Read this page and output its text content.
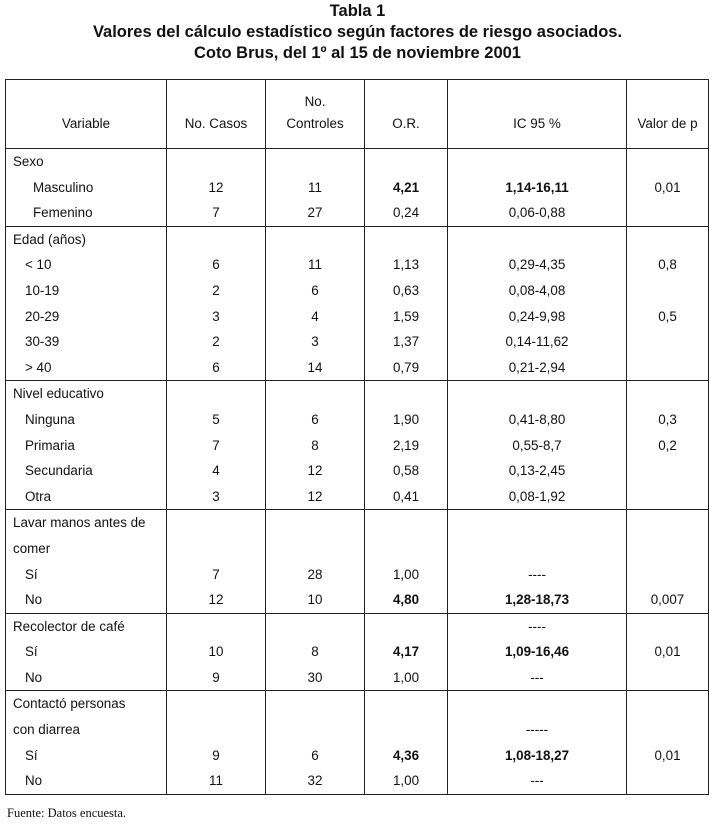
Tabla 1
Valores del cálculo estadístico según factores de riesgo asociados.
Coto Brus, del 1º al 15 de noviembre 2001
		No.			
Variable	No. Casos	Controles	O.R.	IC 95 %	Valor de p
Sexo					
Masculino	12	11	4,21	1,14-16,11	0,01
Femenino	7	27	0,24	0,06-0,88	
Edad (años)					
< 10	6	11	1,13	0,29-4,35	0,8
10-19	2	6	0,63	0,08-4,08	
20-29	3	4	1,59	0,24-9,98	0,5
30-39	2	3	1,37	0,14-11,62	
> 40	6	14	0,79	0,21-2,94	
Nivel educativo					
Ninguna	5	6	1,90	0,41-8,80	0,3
Primaria	7	8	2,19	0,55-8,7	0,2
Secundaria	4	12	0,58	0,13-2,45	
Otra	3	12	0,41	0,08-1,92	
Lavar manos antes de					
comer					
Sí	7	28	1,00	----	
No	12	10	4,80	1,28-18,73	0,007
Recolector de café				----	
Sí	10	8	4,17	1,09-16,46	0,01
No	9	30	1,00	---	
Contactó personas					
con diarrea				-----	
Sí	9	6	4,36	1,08-18,27	0,01
No	11	32	1,00	---	
Fuente: Datos encuesta.
